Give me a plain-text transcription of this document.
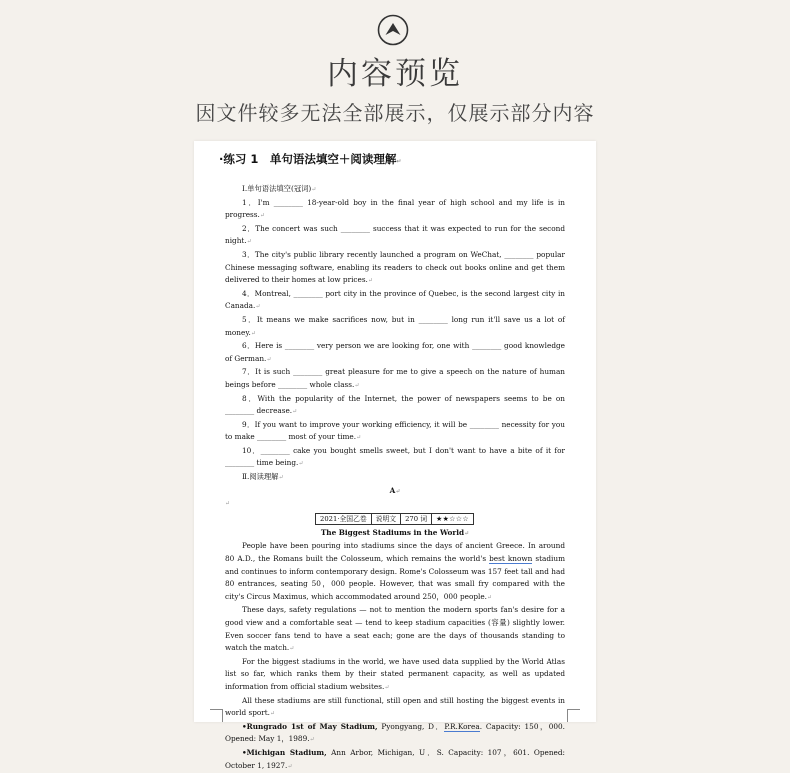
内容预览
因文件较多无法全部展示，仅展示部分内容
·练习 1　单句语法填空＋阅读理解↵
Ⅰ.单句语法填空(冠词)↵
1．I'm ________ 18-year-old boy in the final year of high school and my life is in progress.↵
2．The concert was such ________ success that it was expected to run for the second night.↵
3．The city's public library recently launched a program on WeChat, ________ popular Chinese messaging software, enabling its readers to check out books online and get them delivered to their homes at low prices.↵
4．Montreal, ________ port city in the province of Quebec, is the second largest city in Canada.↵
5．It means we make sacrifices now, but in ________ long run it'll save us a lot of money.↵
6．Here is ________ very person we are looking for, one with ________ good knowledge of German.↵
7．It is such ________ great pleasure for me to give a speech on the nature of human beings before ________ whole class.↵
8．With the popularity of the Internet, the power of newspapers seems to be on ________ decrease.↵
9．If you want to improve your working efficiency, it will be ________ necessity for you to make ________ most of your time.↵
10．________ cake you bought smells sweet, but I don't want to have a bite of it for ________ time being.↵
Ⅱ.阅读理解↵
A↵
↵
2021·全国乙卷	说明文	270 词	★★☆☆☆
The Biggest Stadiums in the World↵
People have been pouring into stadiums since the days of ancient Greece. In around 80 A.D., the Romans built the Colosseum, which remains the world's best known stadium and continues to inform contemporary design. Rome's Colosseum was 157 feet tall and had 80 entrances, seating 50，000 people. However, that was small fry compared with the city's Circus Maximus, which accommodated around 250，000 people.↵
These days, safety regulations — not to mention the modern sports fan's desire for a good view and a comfortable seat — tend to keep stadium capacities (容量) slightly lower. Even soccer fans tend to have a seat each; gone are the days of thousands standing to watch the match.↵
For the biggest stadiums in the world, we have used data supplied by the World Atlas list so far, which ranks them by their stated permanent capacity, as well as updated information from official stadium websites.↵
All these stadiums are still functional, still open and still hosting the biggest events in world sport.↵
•Rungrado 1st of May Stadium, Pyongyang, D．P.R.Korea. Capacity: 150，000. Opened: May 1，1989.↵
•Michigan Stadium, Ann Arbor, Michigan, U．S. Capacity: 107，601. Opened: October 1, 1927.↵
